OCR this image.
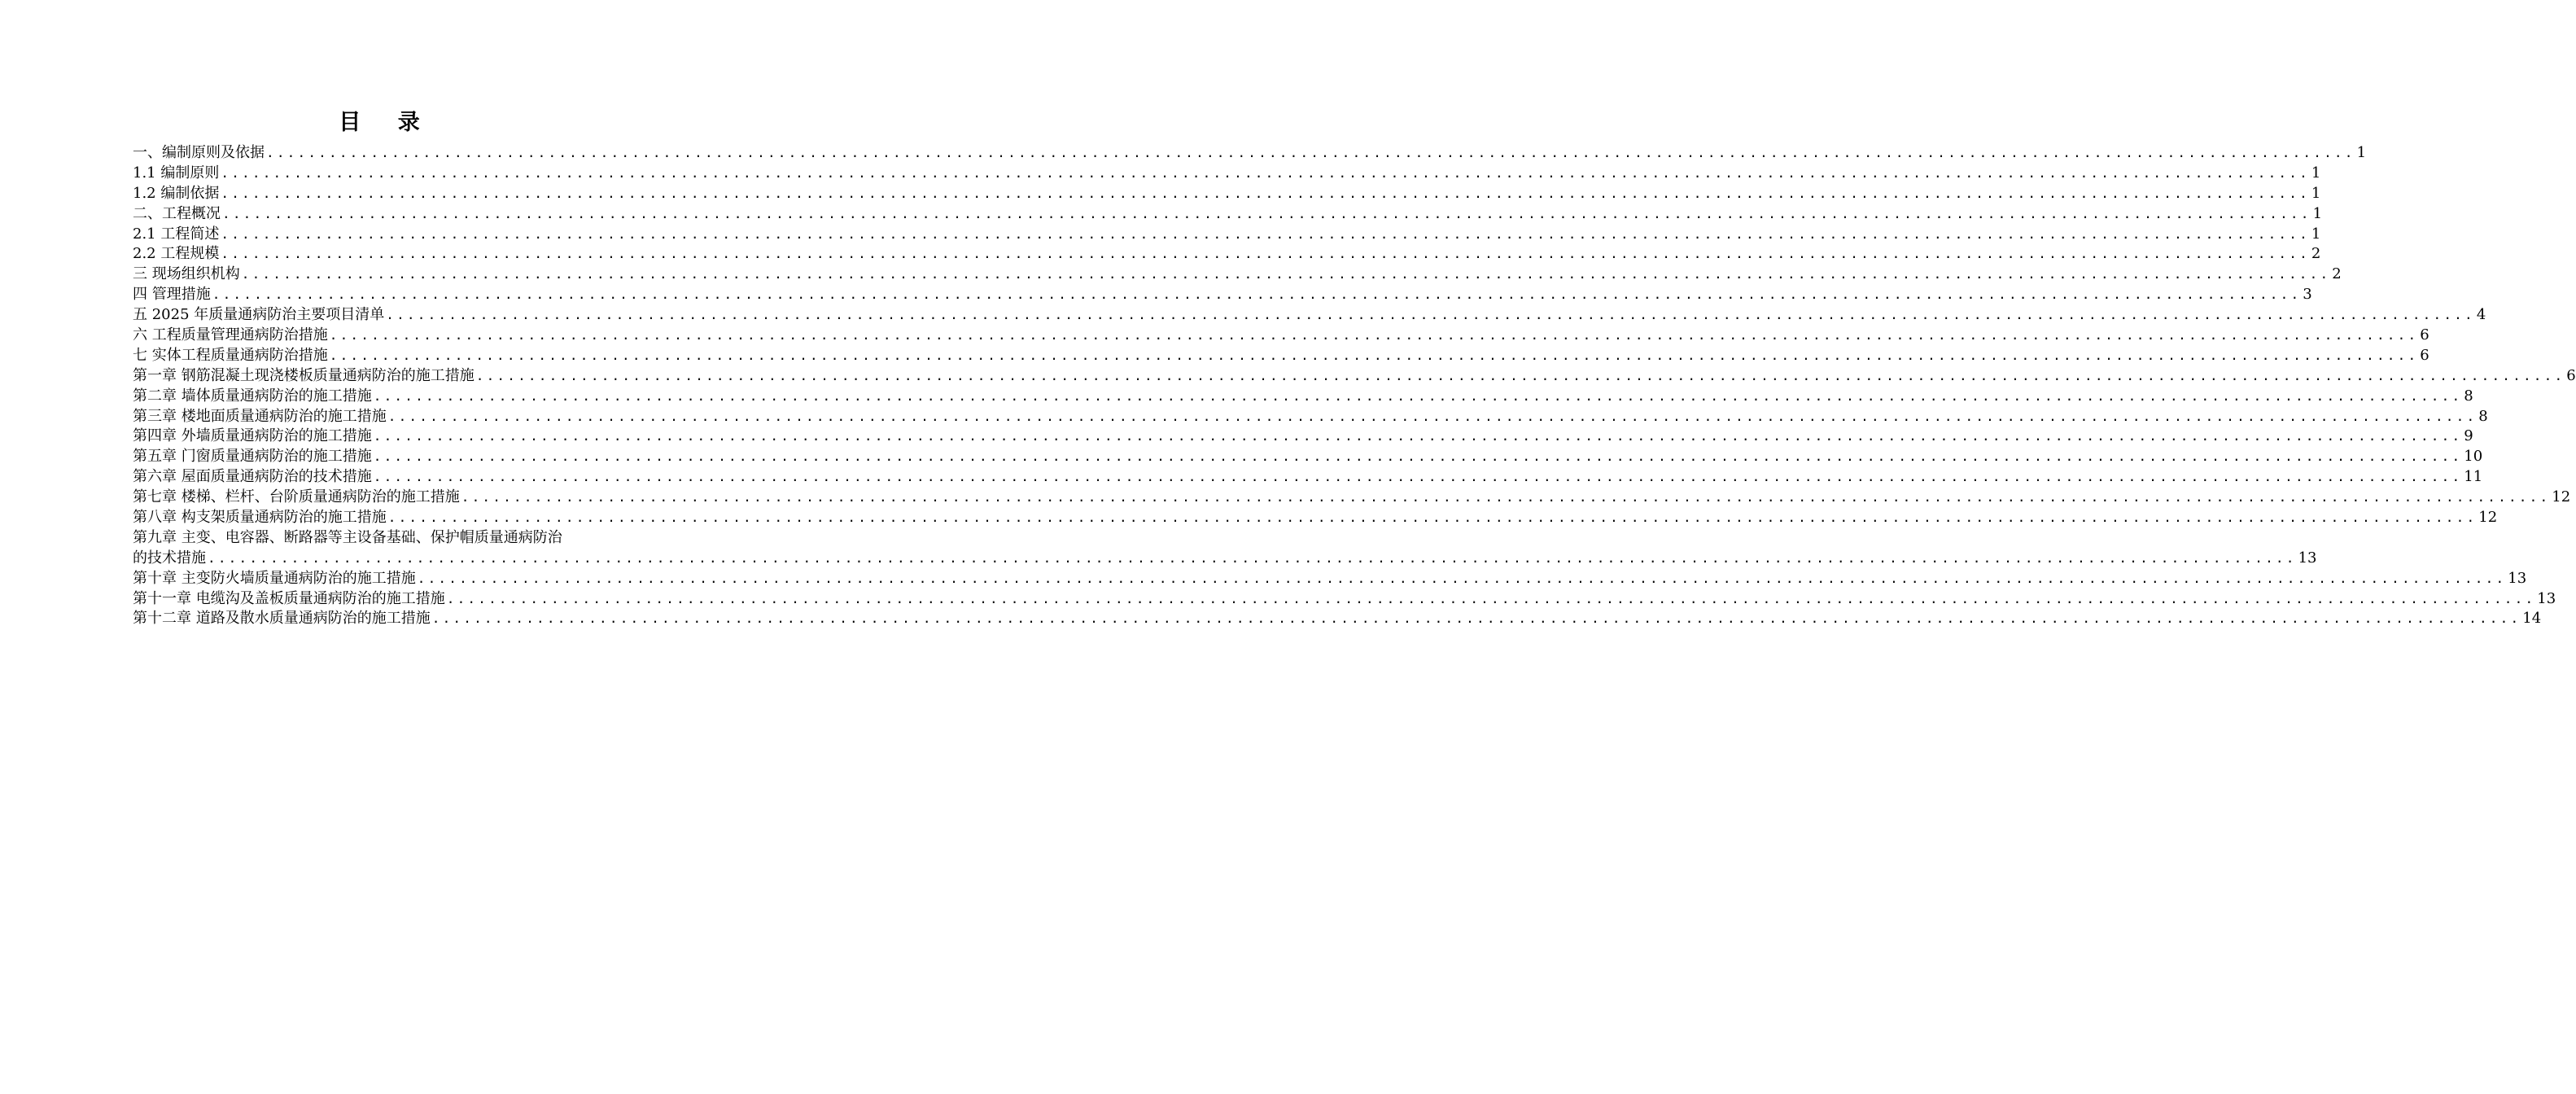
目 录
一、编制原则及依据 ........................................................................................................................................................................................................ 1
1.1 编制原则 ........................................................................................................................................................................................................ 1
1.2 编制依据 ........................................................................................................................................................................................................ 1
二、工程概况 ........................................................................................................................................................................................................ 1
2.1 工程简述 ........................................................................................................................................................................................................ 1
2.2 工程规模 ........................................................................................................................................................................................................ 2
三 现场组织机构 ........................................................................................................................................................................................................ 2
四 管理措施 ........................................................................................................................................................................................................ 3
五 2025 年质量通病防治主要项目清单 ........................................................................................................................................................................................................ 4
六 工程质量管理通病防治措施 ........................................................................................................................................................................................................ 6
七 实体工程质量通病防治措施 ........................................................................................................................................................................................................ 6
第一章 钢筋混凝土现浇楼板质量通病防治的施工措施 ........................................................................................................................................................................................................ 6
第二章 墙体质量通病防治的施工措施 ........................................................................................................................................................................................................ 8
第三章 楼地面质量通病防治的施工措施 ........................................................................................................................................................................................................ 8
第四章 外墙质量通病防治的施工措施 ........................................................................................................................................................................................................ 9
第五章 门窗质量通病防治的施工措施 ........................................................................................................................................................................................................ 10
第六章 屋面质量通病防治的技术措施 ........................................................................................................................................................................................................ 11
第七章 楼梯、栏杆、台阶质量通病防治的施工措施 ........................................................................................................................................................................................................ 12
第八章 构支架质量通病防治的施工措施 ........................................................................................................................................................................................................ 12
第九章 主变、电容器、断路器等主设备基础、保护帽质量通病防治
的技术措施 ........................................................................................................................................................................................................ 13
第十章 主变防火墙质量通病防治的施工措施 ........................................................................................................................................................................................................ 13
第十一章 电缆沟及盖板质量通病防治的施工措施 ........................................................................................................................................................................................................ 13
第十二章 道路及散水质量通病防治的施工措施 ........................................................................................................................................................................................................ 14
